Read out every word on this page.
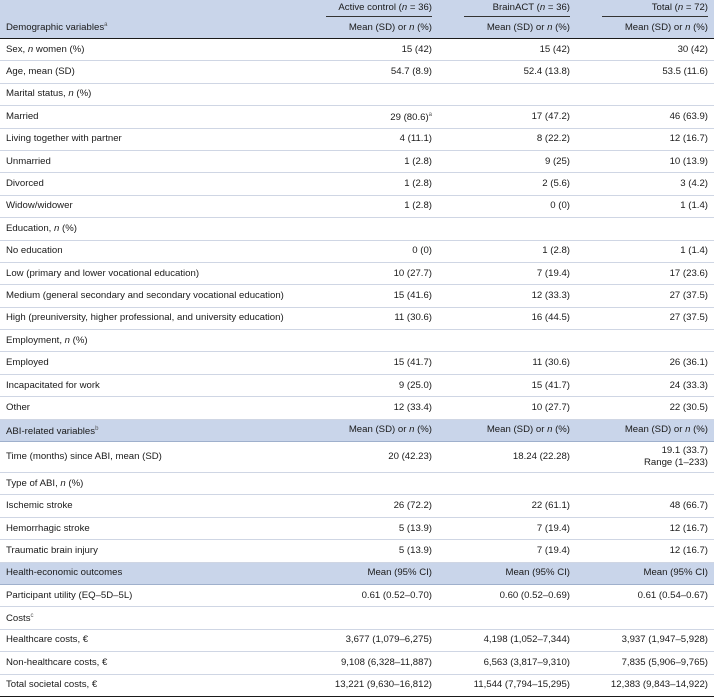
Demographic variables$^a$	Active control (n = 36)	BrainACT (n = 36)	Total (n = 72)
	Mean (SD) or n (%)	Mean (SD) or n (%)	Mean (SD) or n (%)
Sex, n women (%)	15 (42)	15 (42)	30 (42)
Age, mean (SD)	54.7 (8.9)	52.4 (13.8)	53.5 (11.6)
Marital status, n (%)			
Married	29 $(80.6)^a$	17 (47.2)	46 (63.9)
Living together with partner	4 (11.1)	8 (22.2)	12 (16.7)
Unmarried	1 (2.8)	9 (25)	10 (13.9)
Divorced	1 (2.8)	2 (5.6)	3 (4.2)
Widow/widower	1 (2.8)	0 (0)	1 (1.4)
Education, n (%)			
No education	0 (0)	1 (2.8)	1 (1.4)
Low (primary and lower vocational education)	10 (27.7)	7 (19.4)	17 (23.6)
Medium (general secondary and secondary vocational education)	15 (41.6)	12 (33.3)	27 (37.5)
High (preuniversity, higher professional, and university education)	11 (30.6)	16 (44.5)	27 (37.5)
Employment, n (%)			
Employed	15 (41.7)	11 (30.6)	26 (36.1)
Incapacitated for work	9 (25.0)	15 (41.7)	24 (33.3)
Other	12 (33.4)	10 (27.7)	22 (30.5)
ABI-related variables$^b$	Mean (SD) or n (%)	Mean (SD) or n (%)	Mean (SD) or n (%)
Time (months) since ABI, mean (SD)	20 (42.23)	18.24 (22.28)	19.1 (33.7)
Range (1–233)

Type of ABI, n (%)			
Ischemic stroke	26 (72.2)	22 (61.1)	48 (66.7)
Hemorrhagic stroke	5 (13.9)	7 (19.4)	12 (16.7)
Traumatic brain injury	5 (13.9)	7 (19.4)	12 (16.7)
Health-economic outcomes	Mean (95% CI)	Mean (95% CI)	Mean (95% CI)
Participant utility (EQ–5D–5L)	0.61 (0.52–0.70)	0.60 (0.52–0.69)	0.61 (0.54–0.67)
Costs$^c$			
Healthcare costs, €	3,677 (1,079–6,275)	4,198 (1,052–7,344)	3,937 (1,947–5,928)
Non-healthcare costs, €	9,108 (6,328–11,887)	6,563 (3,817–9,310)	7,835 (5,906–9,765)
Total societal costs, €	13,221 (9,630–16,812)	11,544 (7,794–15,295)	12,383 (9,843–14,922)
